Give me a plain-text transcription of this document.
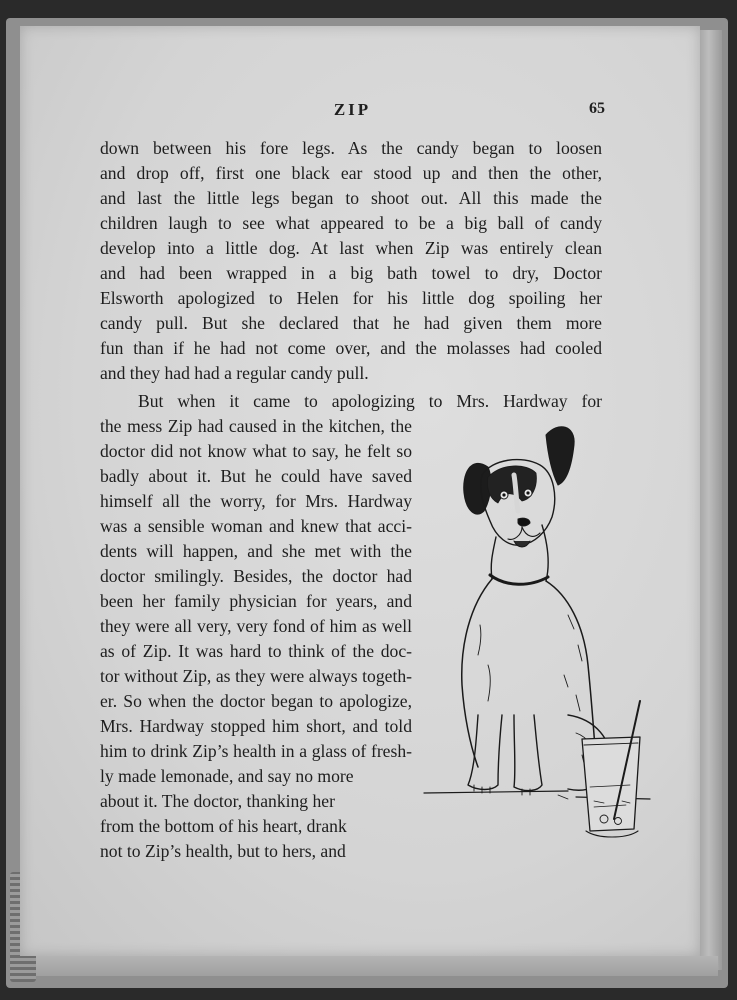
ZIP	65
down between his fore legs. As the candy began to loosen
and drop off, first one black ear stood up and then the other,
and last the little legs began to shoot out. All this made the
children laugh to see what appeared to be a big ball of candy
develop into a little dog. At last when Zip was entirely clean
and had been wrapped in a big bath towel to dry, Doctor
Elsworth apologized to Helen for his little dog spoiling her
candy pull. But she declared that he had given them more
fun than if he had not come over, and the molasses had cooled
and they had had a regular candy pull.
But when it came to apologizing to Mrs. Hardway for
the mess Zip had caused in the kitchen, the
doctor did not know what to say, he felt so
badly about it. But he could have saved
himself all the worry, for Mrs. Hardway
was a sensible woman and knew that acci-
dents will happen, and she met with the
doctor smilingly. Besides, the doctor had
been her family physician for years, and
they were all very, very fond of him as well
as of Zip. It was hard to think of the doc-
tor without Zip, as they were always togeth-
er. So when the doctor began to apologize,
Mrs. Hardway stopped him short, and told
him to drink Zip’s health in a glass of fresh-
ly made lemonade, and say no more
about it. The doctor, thanking her
from the bottom of his heart, drank
not to Zip’s health, but to hers, and
